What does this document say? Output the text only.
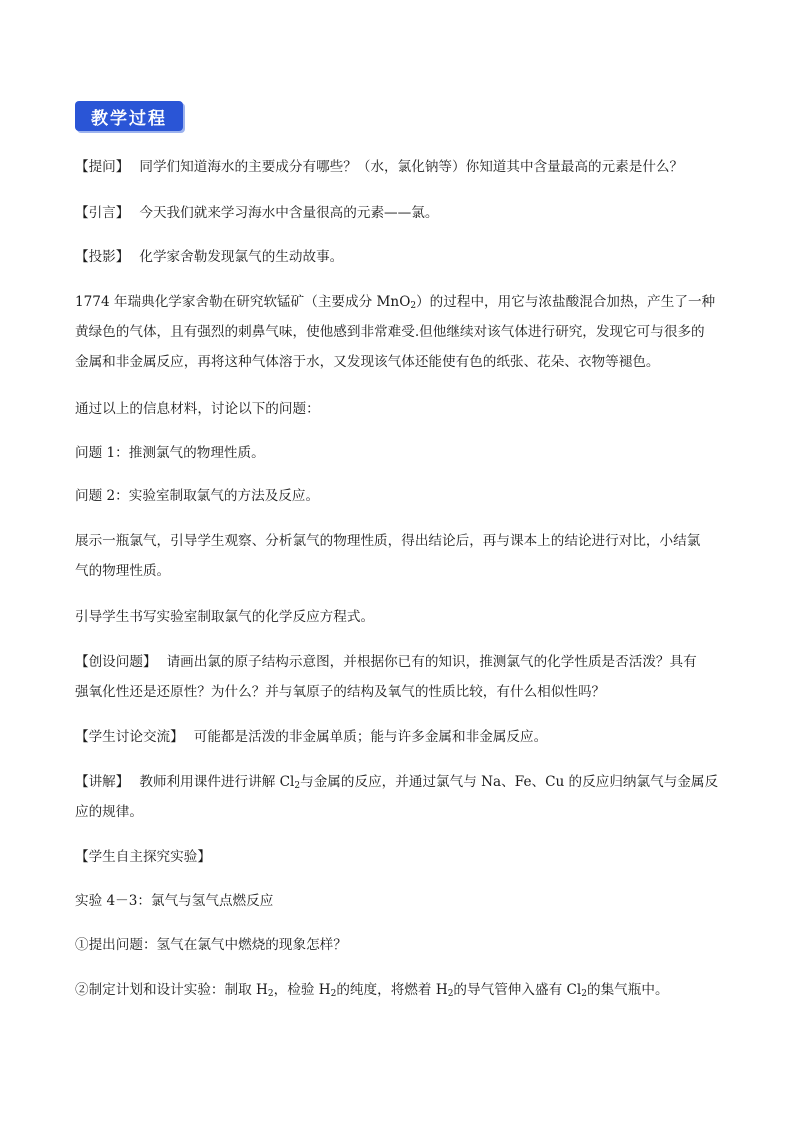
教学过程

【提问】 同学们知道海水的主要成分有哪些？（水，氯化钠等）你知道其中含量最高的元素是什么？

【引言】 今天我们就来学习海水中含量很高的元素——氯。

【投影】 化学家舍勒发现氯气的生动故事。

1774 年瑞典化学家舍勒在研究软锰矿（主要成分 MnO$_2$）的过程中，用它与浓盐酸混合加热，产生了一种

黄绿色的气体，且有强烈的刺鼻气味，使他感到非常难受.但他继续对该气体进行研究，发现它可与很多的

金属和非金属反应，再将这种气体溶于水，又发现该气体还能使有色的纸张、花朵、衣物等褪色。

通过以上的信息材料，讨论以下的问题：

问题 1：推测氯气的物理性质。

问题 2：实验室制取氯气的方法及反应。

展示一瓶氯气，引导学生观察、分析氯气的物理性质，得出结论后，再与课本上的结论进行对比，小结氯

气的物理性质。

引导学生书写实验室制取氯气的化学反应方程式。

【创设问题】 请画出氯的原子结构示意图，并根据你已有的知识，推测氯气的化学性质是否活泼？具有

强氧化性还是还原性？为什么？并与氧原子的结构及氧气的性质比较，有什么相似性吗？

【学生讨论交流】 可能都是活泼的非金属单质；能与许多金属和非金属反应。

【讲解】 教师利用课件进行讲解 $Cl_2$与金属的反应，并通过氯气与 Na、Fe、Cu 的反应归纳氯气与金属反

应的规律。

【学生自主探究实验】

实验 4－3：氯气与氢气点燃反应

①提出问题：氢气在氯气中燃烧的现象怎样？

②制定计划和设计实验：制取 $H_2$，检验 $H_2$的纯度，将燃着 $H_2$的导气管伸入盛有 $Cl_2$的集气瓶中。
